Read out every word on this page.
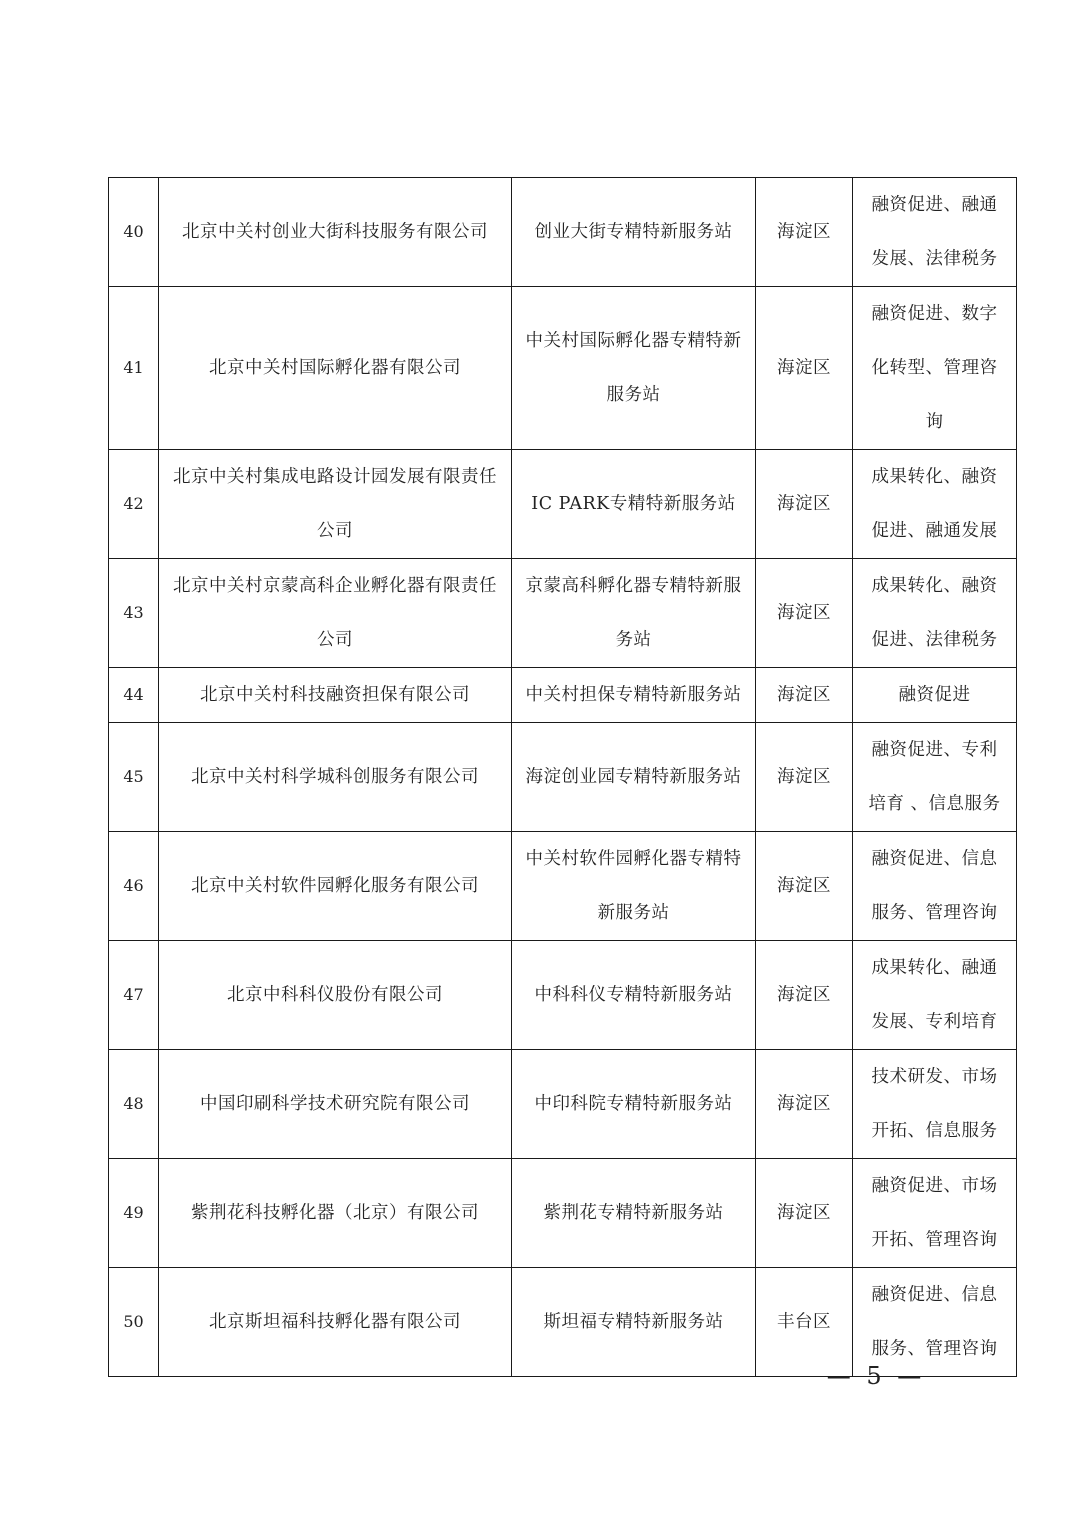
40	北京中关村创业大街科技服务有限公司	创业大街专精特新服务站	海淀区	融资促进、融通发展、法律税务
41	北京中关村国际孵化器有限公司	中关村国际孵化器专精特新服务站	海淀区	融资促进、数字化转型、管理咨询
42	北京中关村集成电路设计园发展有限责任公司	IC PARK专精特新服务站	海淀区	成果转化、融资促进、融通发展
43	北京中关村京蒙高科企业孵化器有限责任公司	京蒙高科孵化器专精特新服务站	海淀区	成果转化、融资促进、法律税务
44	北京中关村科技融资担保有限公司	中关村担保专精特新服务站	海淀区	融资促进
45	北京中关村科学城科创服务有限公司	海淀创业园专精特新服务站	海淀区	融资促进、专利培育 、信息服务
46	北京中关村软件园孵化服务有限公司	中关村软件园孵化器专精特新服务站	海淀区	融资促进、信息服务、管理咨询
47	北京中科科仪股份有限公司	中科科仪专精特新服务站	海淀区	成果转化、融通发展、专利培育
48	中国印刷科学技术研究院有限公司	中印科院专精特新服务站	海淀区	技术研发、市场开拓、信息服务
49	紫荆花科技孵化器（北京）有限公司	紫荆花专精特新服务站	海淀区	融资促进、市场开拓、管理咨询
50	北京斯坦福科技孵化器有限公司	斯坦福专精特新服务站	丰台区	融资促进、信息服务、管理咨询
— 5 —
